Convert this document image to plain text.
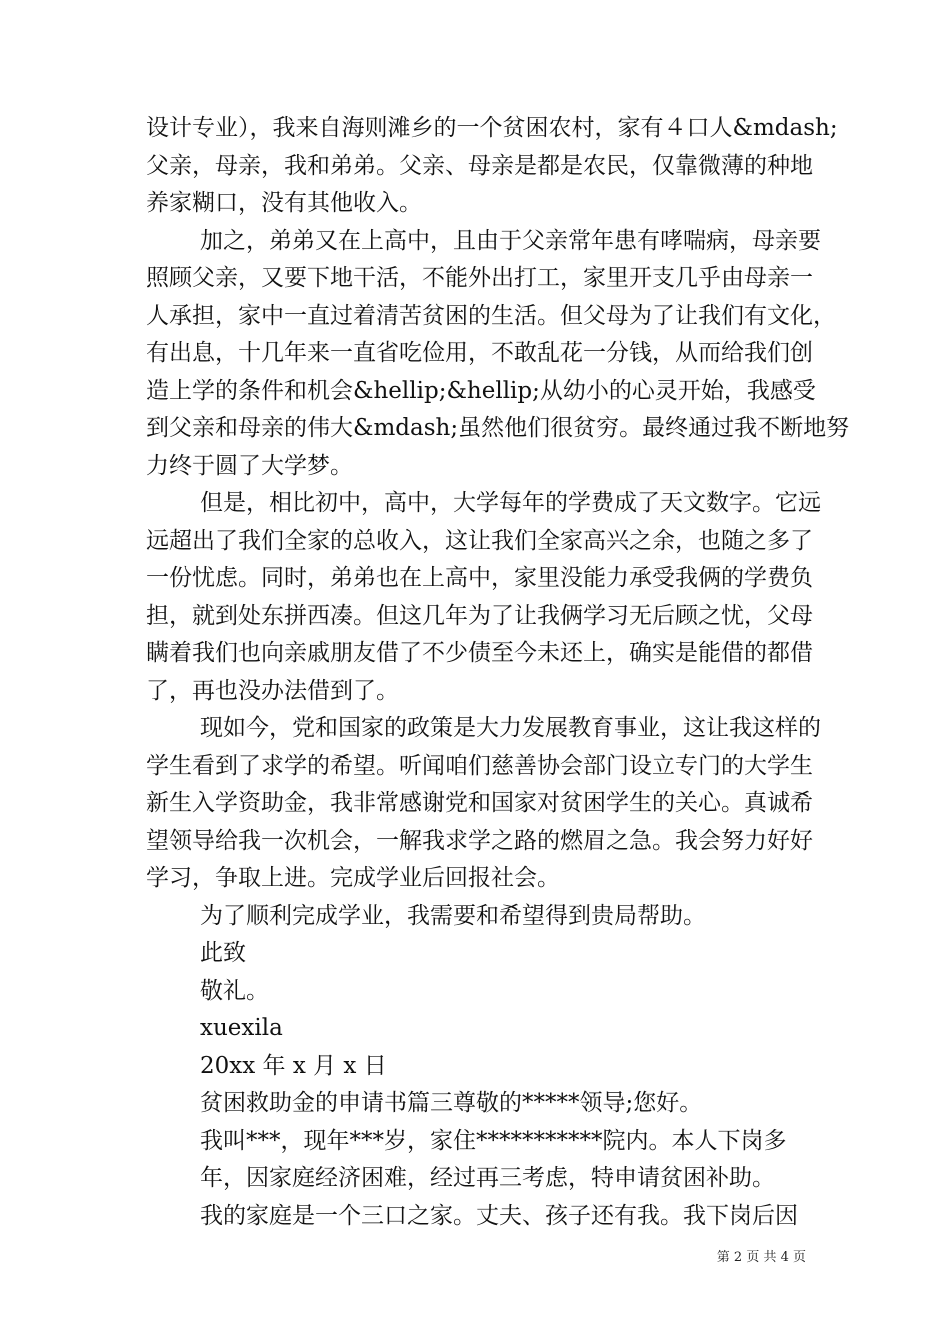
设计专业），我来自海则滩乡的一个贫困农村，家有４口人&mdash;
父亲，母亲，我和弟弟。父亲、母亲是都是农民，仅靠微薄的种地
养家糊口，没有其他收入。
加之，弟弟又在上高中，且由于父亲常年患有哮喘病，母亲要
照顾父亲，又要下地干活，不能外出打工，家里开支几乎由母亲一
人承担，家中一直过着清苦贫困的生活。但父母为了让我们有文化，
有出息，十几年来一直省吃俭用，不敢乱花一分钱，从而给我们创
造上学的条件和机会&hellip;&hellip;从幼小的心灵开始，我感受
到父亲和母亲的伟大&mdash;虽然他们很贫穷。最终通过我不断地努
力终于圆了大学梦。
但是，相比初中，高中，大学每年的学费成了天文数字。它远
远超出了我们全家的总收入，这让我们全家高兴之余，也随之多了
一份忧虑。同时，弟弟也在上高中，家里没能力承受我俩的学费负
担，就到处东拼西凑。但这几年为了让我俩学习无后顾之忧，父母
瞒着我们也向亲戚朋友借了不少债至今未还上，确实是能借的都借
了，再也没办法借到了。
现如今，党和国家的政策是大力发展教育事业，这让我这样的
学生看到了求学的希望。听闻咱们慈善协会部门设立专门的大学生
新生入学资助金，我非常感谢党和国家对贫困学生的关心。真诚希
望领导给我一次机会，一解我求学之路的燃眉之急。我会努力好好
学习，争取上进。完成学业后回报社会。
为了顺利完成学业，我需要和希望得到贵局帮助。
此致
敬礼。
xuexila
20xx 年 x 月 x 日
贫困救助金的申请书篇三尊敬的*****领导;您好。
我叫***，现年***岁，家住***********院内。本人下岗多
年，因家庭经济困难，经过再三考虑，特申请贫困补助。
我的家庭是一个三口之家。丈夫、孩子还有我。我下岗后因
第 2 页 共 4 页
